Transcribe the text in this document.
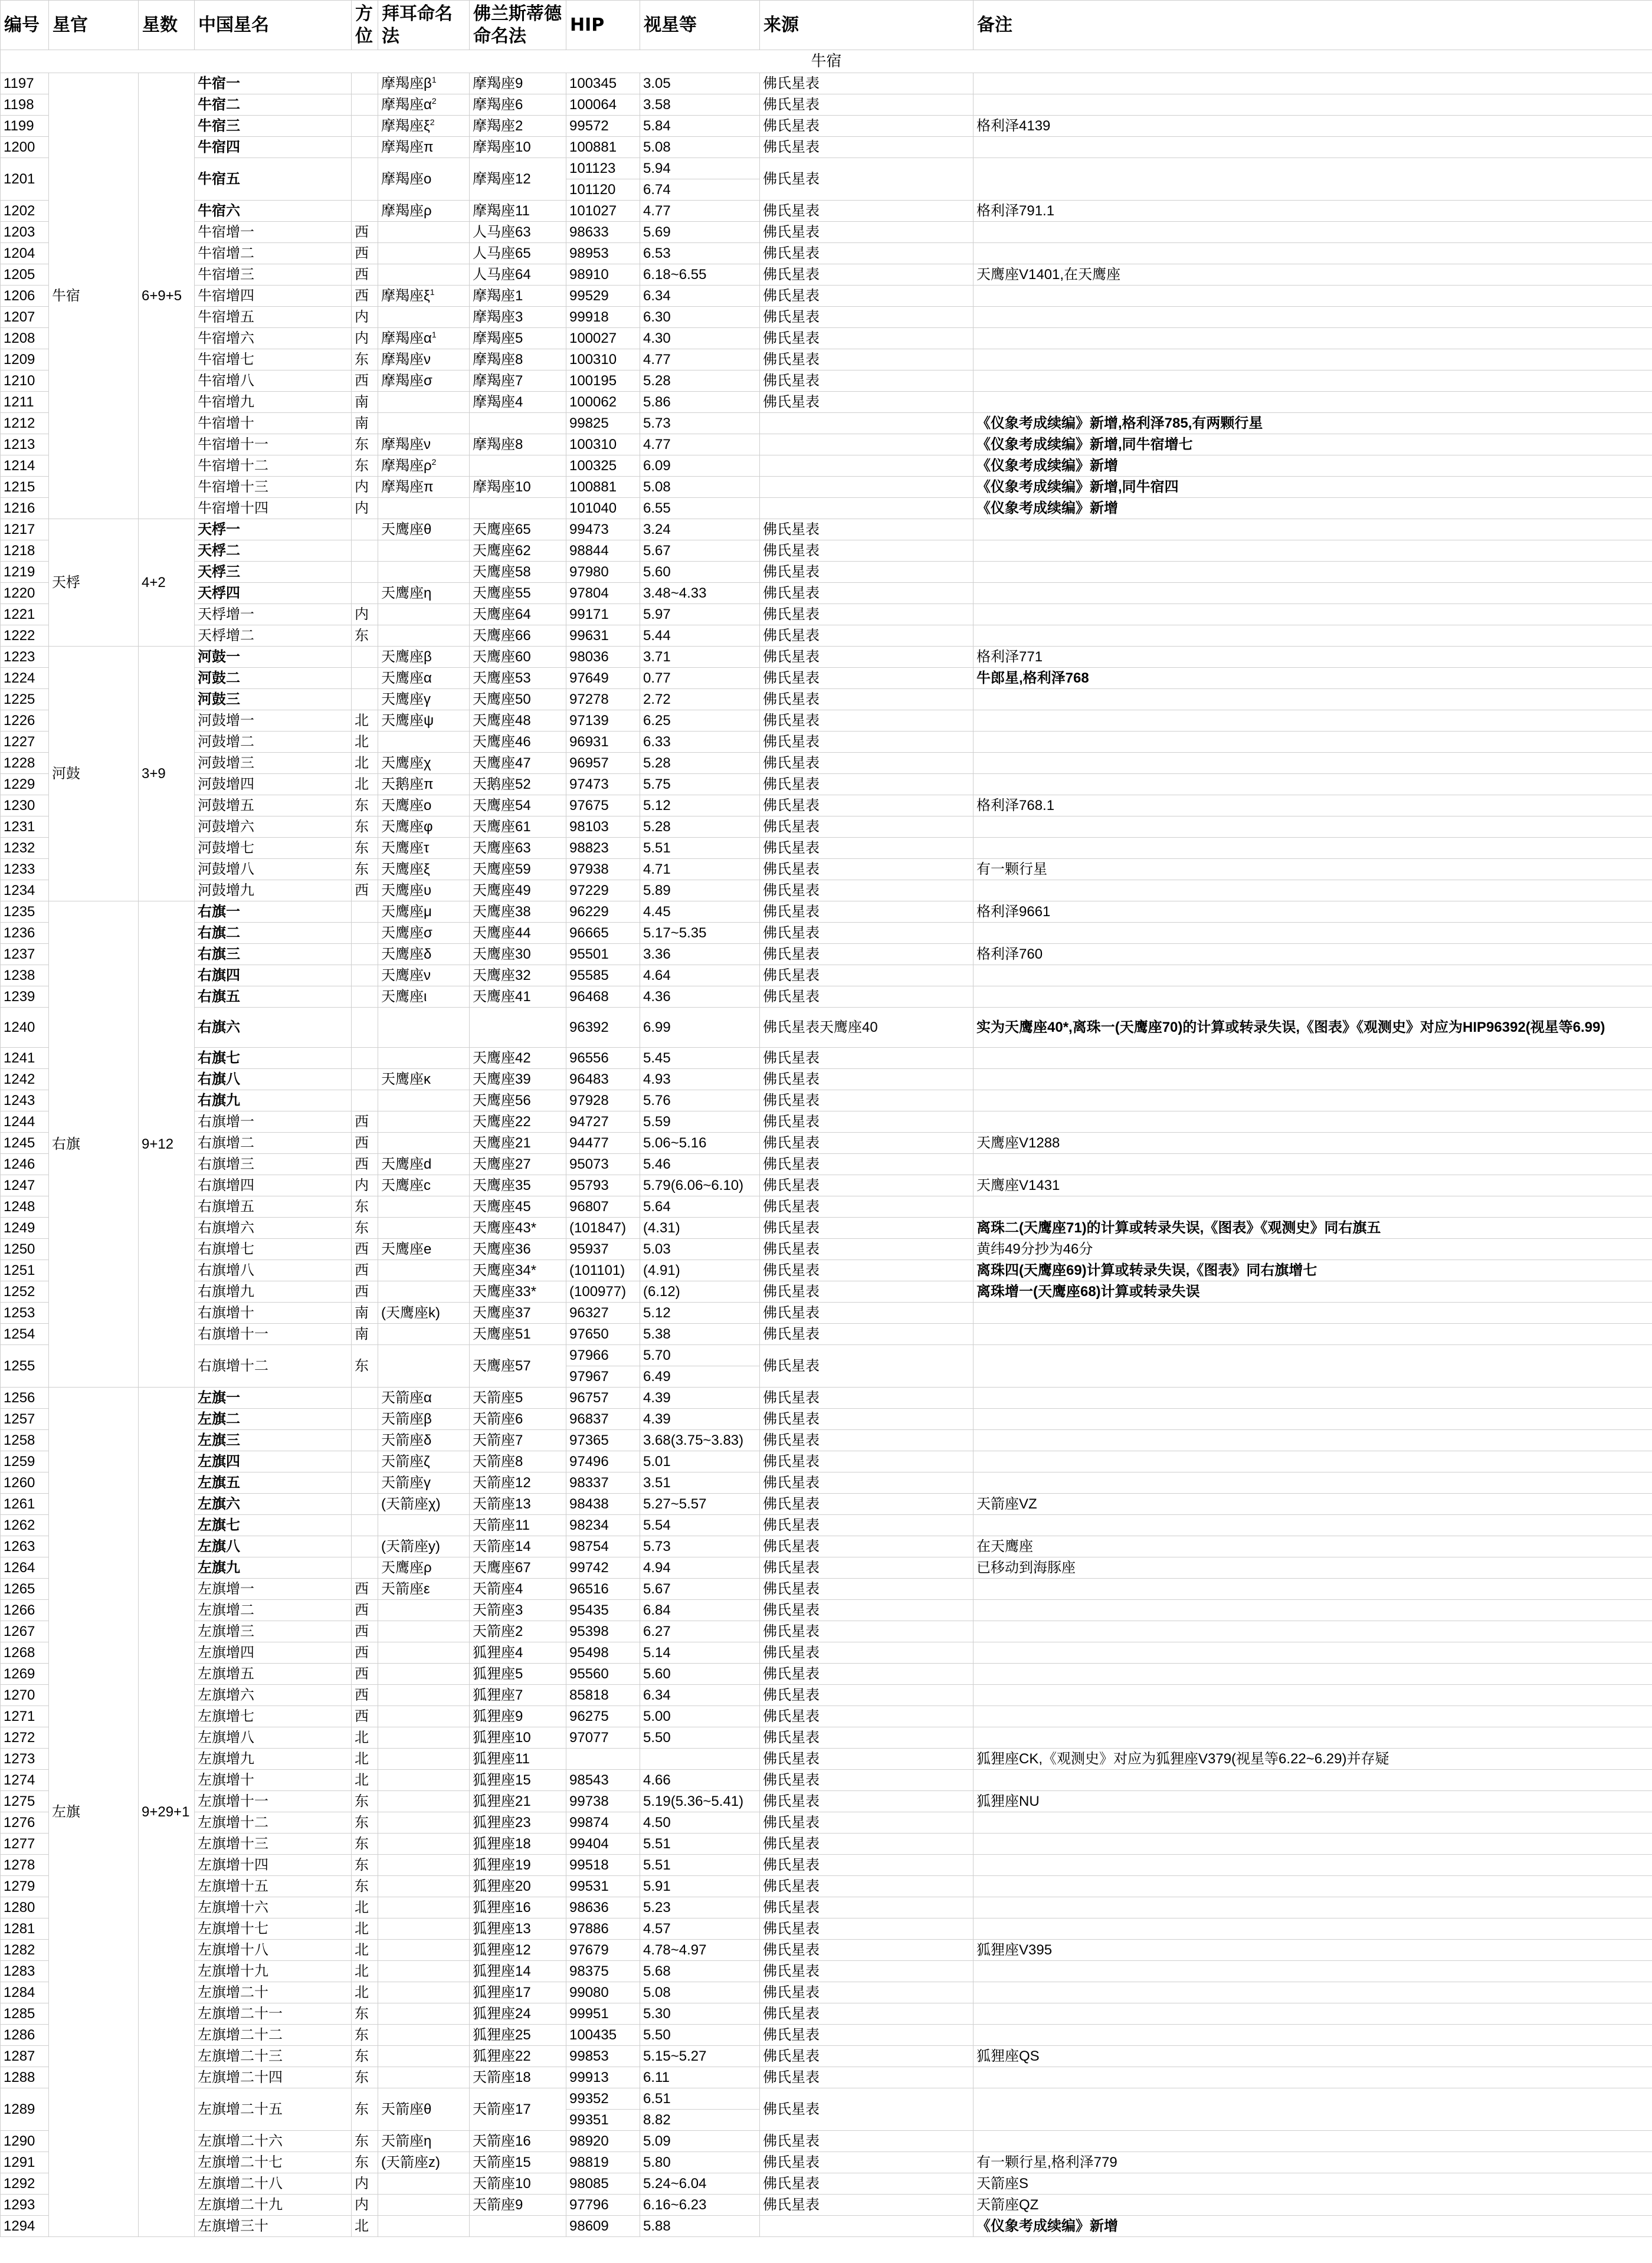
编号	星官	星数	中国星名	方位	拜耳命名法	佛兰斯蒂德命名法	HIP	视星等	来源	备注
牛宿										
1197	牛宿	6+9+5	牛宿一		摩羯座$\beta^1$	摩羯座9	100345	3.05	佛氏星表	
1198			牛宿二		摩羯座$\alpha^2$	摩羯座6	100064	3.58	佛氏星表	
1199			牛宿三		摩羯座$\xi^2$	摩羯座2	99572	5.84	佛氏星表	格利泽4139
1200			牛宿四		摩羯座π	摩羯座10	100881	5.08	佛氏星表	
1201			牛宿五		摩羯座ο	摩羯座12	101123	5.94	佛氏星表	
							101120	6.74		
1202			牛宿六		摩羯座ρ	摩羯座11	101027	4.77	佛氏星表	格利泽791.1
1203			牛宿增一	西		人马座63	98633	5.69	佛氏星表	
1204			牛宿增二	西		人马座65	98953	6.53	佛氏星表	
1205			牛宿增三	西		人马座64	98910	6.18~6.55	佛氏星表	天鹰座V1401,在天鹰座
1206			牛宿增四	西	摩羯座$\xi^1$	摩羯座1	99529	6.34	佛氏星表	
1207			牛宿增五	内		摩羯座3	99918	6.30	佛氏星表	
1208			牛宿增六	内	摩羯座$\alpha^1$	摩羯座5	100027	4.30	佛氏星表	
1209			牛宿增七	东	摩羯座ν	摩羯座8	100310	4.77	佛氏星表	
1210			牛宿增八	西	摩羯座σ	摩羯座7	100195	5.28	佛氏星表	
1211			牛宿增九	南		摩羯座4	100062	5.86	佛氏星表	
1212			牛宿增十	南			99825	5.73		《仪象考成续编》新增,格利泽785,有两颗行星
1213			牛宿增十一	东	摩羯座ν	摩羯座8	100310	4.77		《仪象考成续编》新增,同牛宿增七
1214			牛宿增十二	东	摩羯座$\rho^2$		100325	6.09		《仪象考成续编》新增
1215			牛宿增十三	内	摩羯座π	摩羯座10	100881	5.08		《仪象考成续编》新增,同牛宿四
1216			牛宿增十四	内			101040	6.55		《仪象考成续编》新增
1217	天桴	4+2	天桴一		天鹰座θ	天鹰座65	99473	3.24	佛氏星表	
1218			天桴二			天鹰座62	98844	5.67	佛氏星表	
1219			天桴三			天鹰座58	97980	5.60	佛氏星表	
1220			天桴四		天鹰座η	天鹰座55	97804	3.48~4.33	佛氏星表	
1221			天桴增一	内		天鹰座64	99171	5.97	佛氏星表	
1222			天桴增二	东		天鹰座66	99631	5.44	佛氏星表	
1223	河鼓	3+9	河鼓一		天鹰座β	天鹰座60	98036	3.71	佛氏星表	格利泽771
1224			河鼓二		天鹰座α	天鹰座53	97649	0.77	佛氏星表	牛郎星,格利泽768
1225			河鼓三		天鹰座γ	天鹰座50	97278	2.72	佛氏星表	
1226			河鼓增一	北	天鹰座ψ	天鹰座48	97139	6.25	佛氏星表	
1227			河鼓增二	北		天鹰座46	96931	6.33	佛氏星表	
1228			河鼓增三	北	天鹰座χ	天鹰座47	96957	5.28	佛氏星表	
1229			河鼓增四	北	天鹅座π	天鹅座52	97473	5.75	佛氏星表	
1230			河鼓增五	东	天鹰座ο	天鹰座54	97675	5.12	佛氏星表	格利泽768.1
1231			河鼓增六	东	天鹰座φ	天鹰座61	98103	5.28	佛氏星表	
1232			河鼓增七	东	天鹰座τ	天鹰座63	98823	5.51	佛氏星表	
1233			河鼓增八	东	天鹰座ξ	天鹰座59	97938	4.71	佛氏星表	有一颗行星
1234			河鼓增九	西	天鹰座υ	天鹰座49	97229	5.89	佛氏星表	
1235	右旗	9+12	右旗一		天鹰座μ	天鹰座38	96229	4.45	佛氏星表	格利泽9661
1236			右旗二		天鹰座σ	天鹰座44	96665	5.17~5.35	佛氏星表	
1237			右旗三		天鹰座δ	天鹰座30	95501	3.36	佛氏星表	格利泽760
1238			右旗四		天鹰座ν	天鹰座32	95585	4.64	佛氏星表	
1239			右旗五		天鹰座ι	天鹰座41	96468	4.36	佛氏星表	
1240			右旗六				96392	6.99	佛氏星表天鹰座40	实为天鹰座40*,离珠一(天鹰座70)的计算或转录失误,《图表》《观测史》对应为HIP96392(视星等6.99)
1241			右旗七			天鹰座42	96556	5.45	佛氏星表	
1242			右旗八		天鹰座κ	天鹰座39	96483	4.93	佛氏星表	
1243			右旗九			天鹰座56	97928	5.76	佛氏星表	
1244			右旗增一	西		天鹰座22	94727	5.59	佛氏星表	
1245			右旗增二	西		天鹰座21	94477	5.06~5.16	佛氏星表	天鹰座V1288
1246			右旗增三	西	天鹰座d	天鹰座27	95073	5.46	佛氏星表	
1247			右旗增四	内	天鹰座c	天鹰座35	95793	5.79(6.06~6.10)	佛氏星表	天鹰座V1431
1248			右旗增五	东		天鹰座45	96807	5.64	佛氏星表	
1249			右旗增六	东		天鹰座43*	(101847)	(4.31)	佛氏星表	离珠二(天鹰座71)的计算或转录失误,《图表》《观测史》同右旗五
1250			右旗增七	西	天鹰座e	天鹰座36	95937	5.03	佛氏星表	黄纬49分抄为46分
1251			右旗增八	西		天鹰座34*	(101101)	(4.91)	佛氏星表	离珠四(天鹰座69)计算或转录失误,《图表》同右旗增七
1252			右旗增九	西		天鹰座33*	(100977)	(6.12)	佛氏星表	离珠增一(天鹰座68)计算或转录失误
1253			右旗增十	南	(天鹰座k)	天鹰座37	96327	5.12	佛氏星表	
1254			右旗增十一	南		天鹰座51	97650	5.38	佛氏星表	
1255			右旗增十二	东		天鹰座57	97966	5.70	佛氏星表	
							97967	6.49		
1256	左旗	9+29+1	左旗一		天箭座α	天箭座5	96757	4.39	佛氏星表	
1257			左旗二		天箭座β	天箭座6	96837	4.39	佛氏星表	
1258			左旗三		天箭座δ	天箭座7	97365	3.68(3.75~3.83)	佛氏星表	
1259			左旗四		天箭座ζ	天箭座8	97496	5.01	佛氏星表	
1260			左旗五		天箭座γ	天箭座12	98337	3.51	佛氏星表	
1261			左旗六		(天箭座χ)	天箭座13	98438	5.27~5.57	佛氏星表	天箭座VZ
1262			左旗七			天箭座11	98234	5.54	佛氏星表	
1263			左旗八		(天箭座y)	天箭座14	98754	5.73	佛氏星表	在天鹰座
1264			左旗九		天鹰座ρ	天鹰座67	99742	4.94	佛氏星表	已移动到海豚座
1265			左旗增一	西	天箭座ε	天箭座4	96516	5.67	佛氏星表	
1266			左旗增二	西		天箭座3	95435	6.84	佛氏星表	
1267			左旗增三	西		天箭座2	95398	6.27	佛氏星表	
1268			左旗增四	西		狐狸座4	95498	5.14	佛氏星表	
1269			左旗增五	西		狐狸座5	95560	5.60	佛氏星表	
1270			左旗增六	西		狐狸座7	85818	6.34	佛氏星表	
1271			左旗增七	西		狐狸座9	96275	5.00	佛氏星表	
1272			左旗增八	北		狐狸座10	97077	5.50	佛氏星表	
1273			左旗增九	北		狐狸座11			佛氏星表	狐狸座CK,《观测史》对应为狐狸座V379(视星等6.22~6.29)并存疑
1274			左旗增十	北		狐狸座15	98543	4.66	佛氏星表	
1275			左旗增十一	东		狐狸座21	99738	5.19(5.36~5.41)	佛氏星表	狐狸座NU
1276			左旗增十二	东		狐狸座23	99874	4.50	佛氏星表	
1277			左旗增十三	东		狐狸座18	99404	5.51	佛氏星表	
1278			左旗增十四	东		狐狸座19	99518	5.51	佛氏星表	
1279			左旗增十五	东		狐狸座20	99531	5.91	佛氏星表	
1280			左旗增十六	北		狐狸座16	98636	5.23	佛氏星表	
1281			左旗增十七	北		狐狸座13	97886	4.57	佛氏星表	
1282			左旗增十八	北		狐狸座12	97679	4.78~4.97	佛氏星表	狐狸座V395
1283			左旗增十九	北		狐狸座14	98375	5.68	佛氏星表	
1284			左旗增二十	北		狐狸座17	99080	5.08	佛氏星表	
1285			左旗增二十一	东		狐狸座24	99951	5.30	佛氏星表	
1286			左旗增二十二	东		狐狸座25	100435	5.50	佛氏星表	
1287			左旗增二十三	东		狐狸座22	99853	5.15~5.27	佛氏星表	狐狸座QS
1288			左旗增二十四	东		天箭座18	99913	6.11	佛氏星表	
1289			左旗增二十五	东	天箭座θ	天箭座17	99352	6.51	佛氏星表	
							99351	8.82		
1290			左旗增二十六	东	天箭座η	天箭座16	98920	5.09	佛氏星表	
1291			左旗增二十七	东	(天箭座z)	天箭座15	98819	5.80	佛氏星表	有一颗行星,格利泽779
1292			左旗增二十八	内		天箭座10	98085	5.24~6.04	佛氏星表	天箭座S
1293			左旗增二十九	内		天箭座9	97796	6.16~6.23	佛氏星表	天箭座QZ
1294			左旗增三十	北			98609	5.88		《仪象考成续编》新增
